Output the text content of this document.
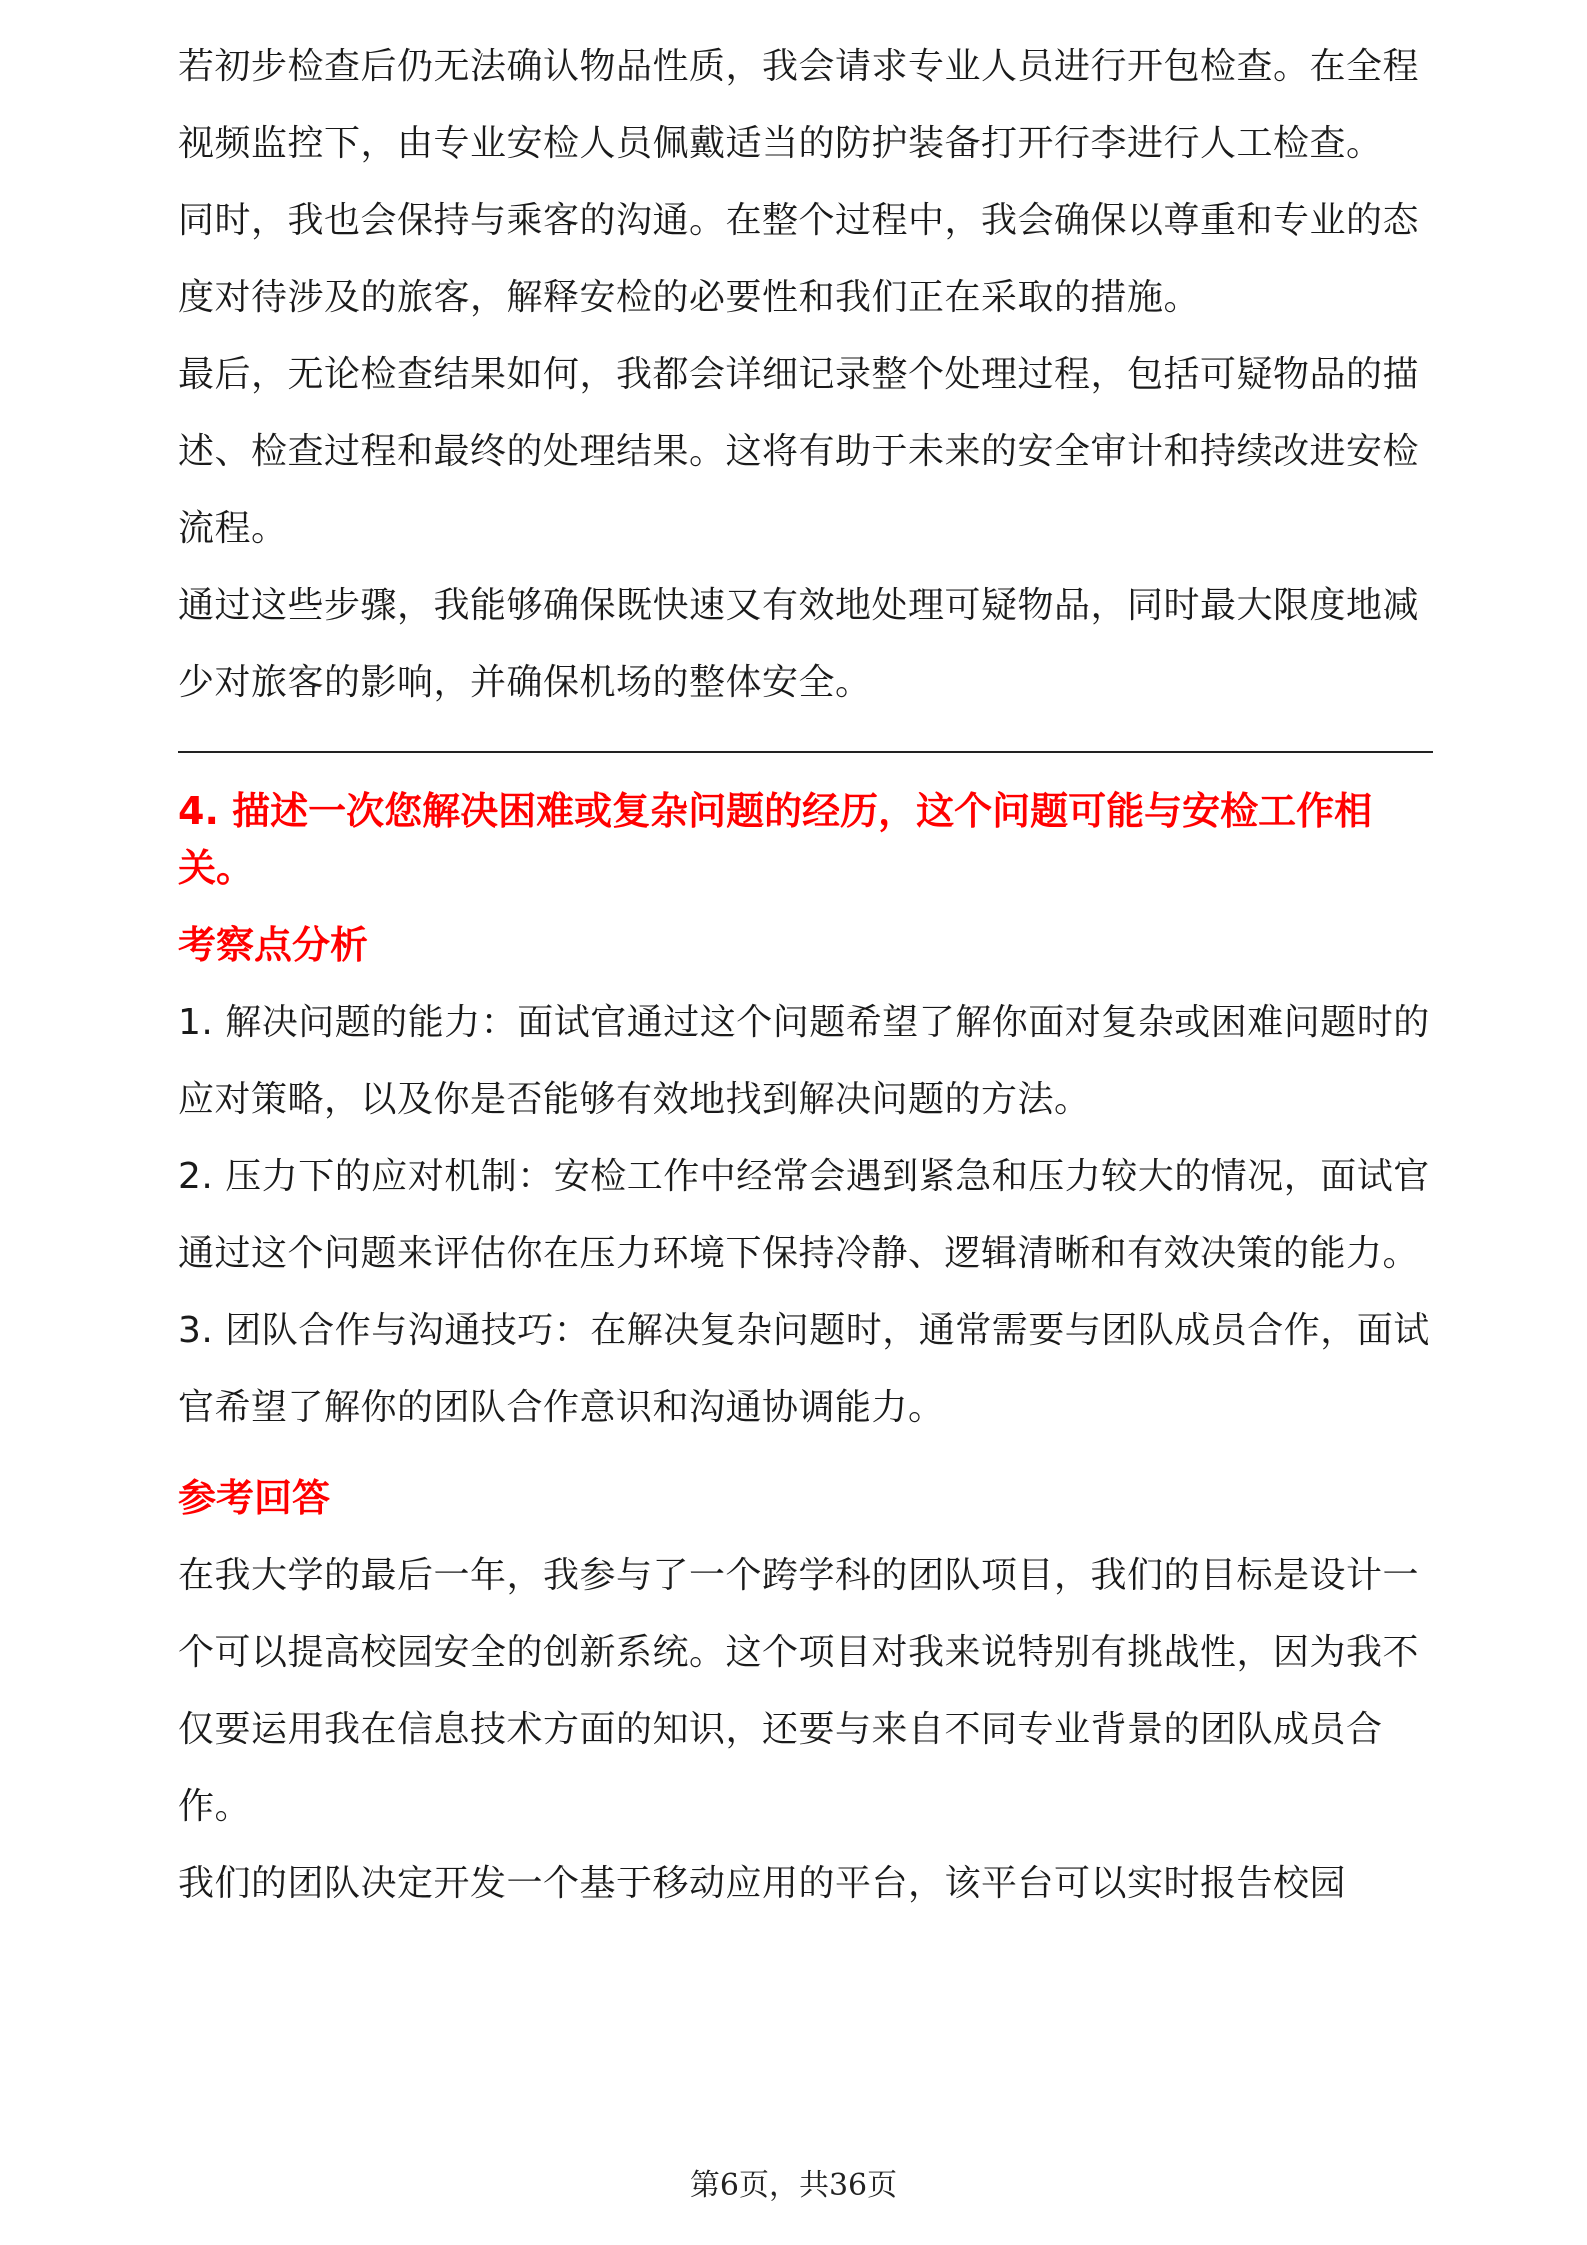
若初步检查后仍无法确认物品性质，我会请求专业人员进行开包检查。在全程视频监控下，由专业安检人员佩戴适当的防护装备打开行李进行人工检查。

同时，我也会保持与乘客的沟通。在整个过程中，我会确保以尊重和专业的态度对待涉及的旅客，解释安检的必要性和我们正在采取的措施。

最后，无论检查结果如何，我都会详细记录整个处理过程，包括可疑物品的描述、检查过程和最终的处理结果。这将有助于未来的安全审计和持续改进安检流程。

通过这些步骤，我能够确保既快速又有效地处理可疑物品，同时最大限度地减少对旅客的影响，并确保机场的整体安全。

4. 描述一次您解决困难或复杂问题的经历，这个问题可能与安检工作相关。

考察点分析

1. 解决问题的能力：面试官通过这个问题希望了解你面对复杂或困难问题时的应对策略，以及你是否能够有效地找到解决问题的方法。

2. 压力下的应对机制：安检工作中经常会遇到紧急和压力较大的情况，面试官通过这个问题来评估你在压力环境下保持冷静、逻辑清晰和有效决策的能力。

3. 团队合作与沟通技巧：在解决复杂问题时，通常需要与团队成员合作，面试官希望了解你的团队合作意识和沟通协调能力。

参考回答

在我大学的最后一年，我参与了一个跨学科的团队项目，我们的目标是设计一个可以提高校园安全的创新系统。这个项目对我来说特别有挑战性，因为我不仅要运用我在信息技术方面的知识，还要与来自不同专业背景的团队成员合作。

我们的团队决定开发一个基于移动应用的平台，该平台可以实时报告校园

第6页，共36页
